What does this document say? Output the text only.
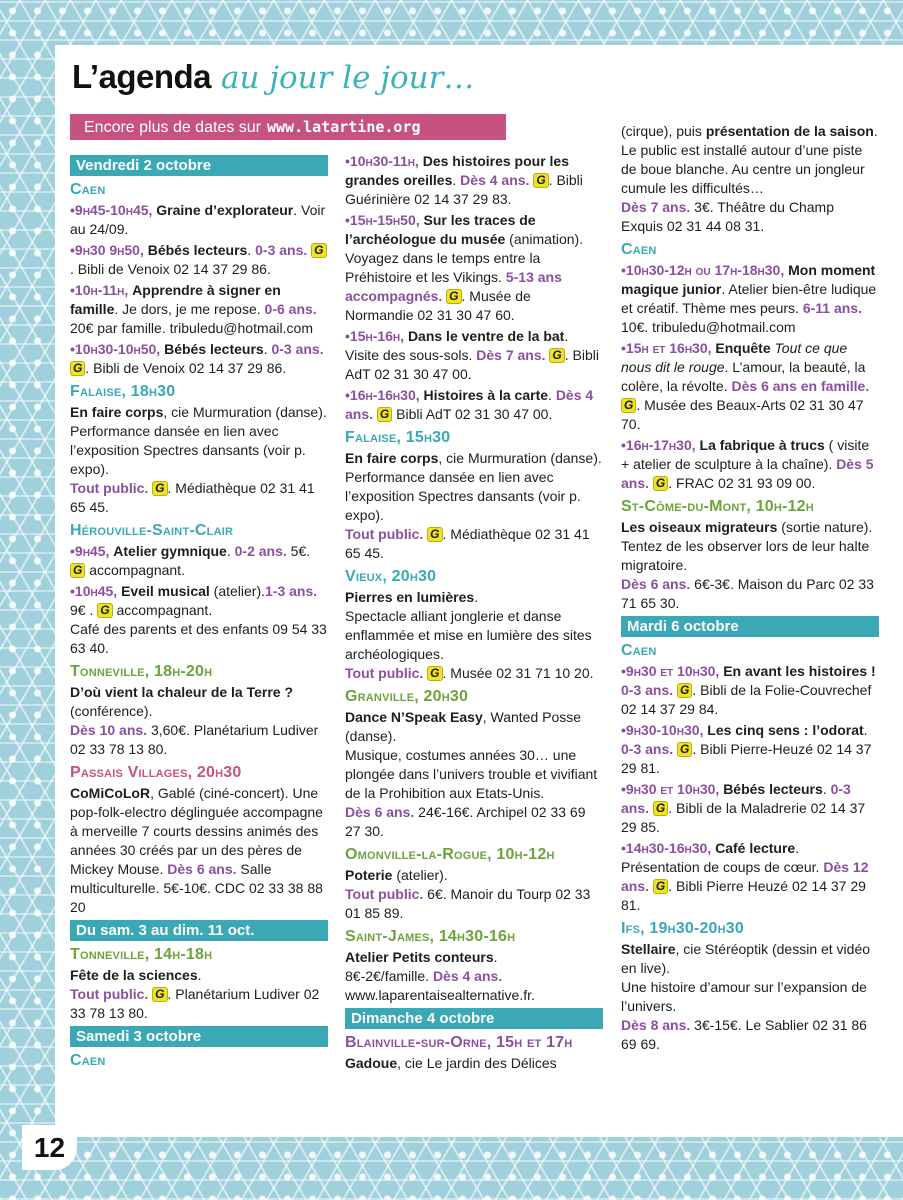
L’agenda au jour le jour…
Encore plus de dates sur www.latartine.org
Vendredi 2 octobre
Caen
•9h45-10h45, Graine d’explorateur. Voir au 24/09.
•9h30 9h50, Bébés lecteurs. 0-3 ans. G. Bibli de Venoix 02 14 37 29 86.
•10h-11h, Apprendre à signer en famille. Je dors, je me repose. 0-6 ans. 20€ par famille. tribuledu@hotmail.com
•10h30-10h50, Bébés lecteurs. 0-3 ans. G . Bibli de Venoix 02 14 37 29 86.
Falaise, 18h30
En faire corps, cie Murmuration (danse).
Performance dansée en lien avec l’exposition Spectres dansants (voir p. expo).
Tout public. G . Médiathèque 02 31 41 65 45.
Hérouville-Saint-Clair
•9h45, Atelier gymnique. 0-2 ans. 5€. G accompagnant.
•10h45, Eveil musical (atelier).1-3 ans. 9€ . G accompagnant.
Café des parents et des enfants 09 54 33 63 40.
Tonneville, 18h-20h
D’où vient la chaleur de la Terre ? (conférence).
Dès 10 ans. 3,60€. Planétarium Ludiver 02 33 78 13 80.
Passais Villages, 20h30
CoMiCoLoR, Gablé (ciné-concert). Une pop-folk-electro déglinguée accompagne à merveille 7 courts dessins animés des années 30 créés par un des pères de Mickey Mouse. Dès 6 ans. Salle multiculturelle. 5€-10€. CDC 02 33 38 88 20
Du sam. 3 au dim. 11 oct.
Tonneville, 14h-18h
Fête de la sciences.
Tout public. G . Planétarium Ludiver 02 33 78 13 80.
Samedi 3 octobre
Caen
•10h30-11h, Des histoires pour les grandes oreilles. Dès 4 ans. G . Bibli Guérinière 02 14 37 29 83.
•15h-15h50, Sur les traces de l’archéologue du musée (animation). Voyagez dans le temps entre la Préhistoire et les Vikings. 5-13 ans accompagnés. G . Musée de Normandie 02 31 30 47 60.
•15h-16h, Dans le ventre de la bat. Visite des sous-sols. Dès 7 ans. G . Bibli AdT 02 31 30 47 00.
•16h-16h30, Histoires à la carte. Dès 4 ans. G Bibli AdT 02 31 30 47 00.
Falaise, 15h30
En faire corps, cie Murmuration (danse).
Performance dansée en lien avec l’exposition Spectres dansants (voir p. expo).
Tout public. G . Médiathèque 02 31 41 65 45.
Vieux, 20h30
Pierres en lumières.
Spectacle alliant jonglerie et danse enflammée et mise en lumière des sites archéologiques.
Tout public. G . Musée 02 31 71 10 20.
Granville, 20h30
Dance N’Speak Easy, Wanted Posse (danse).
Musique, costumes années 30… une plongée dans l’univers trouble et vivifiant de la Prohibition aux Etats-Unis.
Dès 6 ans. 24€-16€. Archipel 02 33 69 27 30.
Omonville-la-Rogue, 10h-12h
Poterie (atelier).
Tout public. 6€. Manoir du Tourp 02 33 01 85 89.
Saint-James, 14h30-16h
Atelier Petits conteurs.
8€-2€/famille. Dès 4 ans. www.laparentaisealternative.fr.
Dimanche 4 octobre
Blainville-sur-Orne, 15h et 17h
Gadoue, cie Le jardin des Délices
(cirque), puis présentation de la saison. Le public est installé autour d’une piste de boue blanche. Au centre un jongleur cumule les difficultés…
Dès 7 ans. 3€. Théâtre du Champ Exquis 02 31 44 08 31.
Caen
•10h30-12h ou 17h-18h30, Mon moment magique junior. Atelier bien-être ludique et créatif. Thème mes peurs. 6-11 ans. 10€. tribuledu@hotmail.com
•15h et 16h30, Enquête Tout ce que nous dit le rouge. L’amour, la beauté, la colère, la révolte. Dès 6 ans en famille. G . Musée des Beaux-Arts 02 31 30 47 70.
•16h-17h30, La fabrique à trucs ( visite + atelier de sculpture à la chaîne). Dès 5 ans. G . FRAC 02 31 93 09 00.
St-Côme-du-Mont, 10h-12h
Les oiseaux migrateurs (sortie nature).
Tentez de les observer lors de leur halte migratoire.
Dès 6 ans. 6€-3€. Maison du Parc 02 33 71 65 30.
Mardi 6 octobre
Caen
•9h30 et 10h30, En avant les histoires ! 0-3 ans. G . Bibli de la Folie-Couvrechef 02 14 37 29 84.
•9h30-10h30, Les cinq sens : l’odorat. 0-3 ans. G . Bibli Pierre-Heuzé 02 14 37 29 81.
•9h30 et 10h30, Bébés lecteurs. 0-3 ans. G . Bibli de la Maladrerie 02 14 37 29 85.
•14h30-16h30, Café lecture. Présentation de coups de cœur. Dès 12 ans. G . Bibli Pierre Heuzé 02 14 37 29 81.
Ifs, 19h30-20h30
Stellaire, cie Stéréoptik (dessin et vidéo en live).
Une histoire d’amour sur l’expansion de l’univers.
Dès 8 ans. 3€-15€. Le Sablier 02 31 86 69 69.
12
